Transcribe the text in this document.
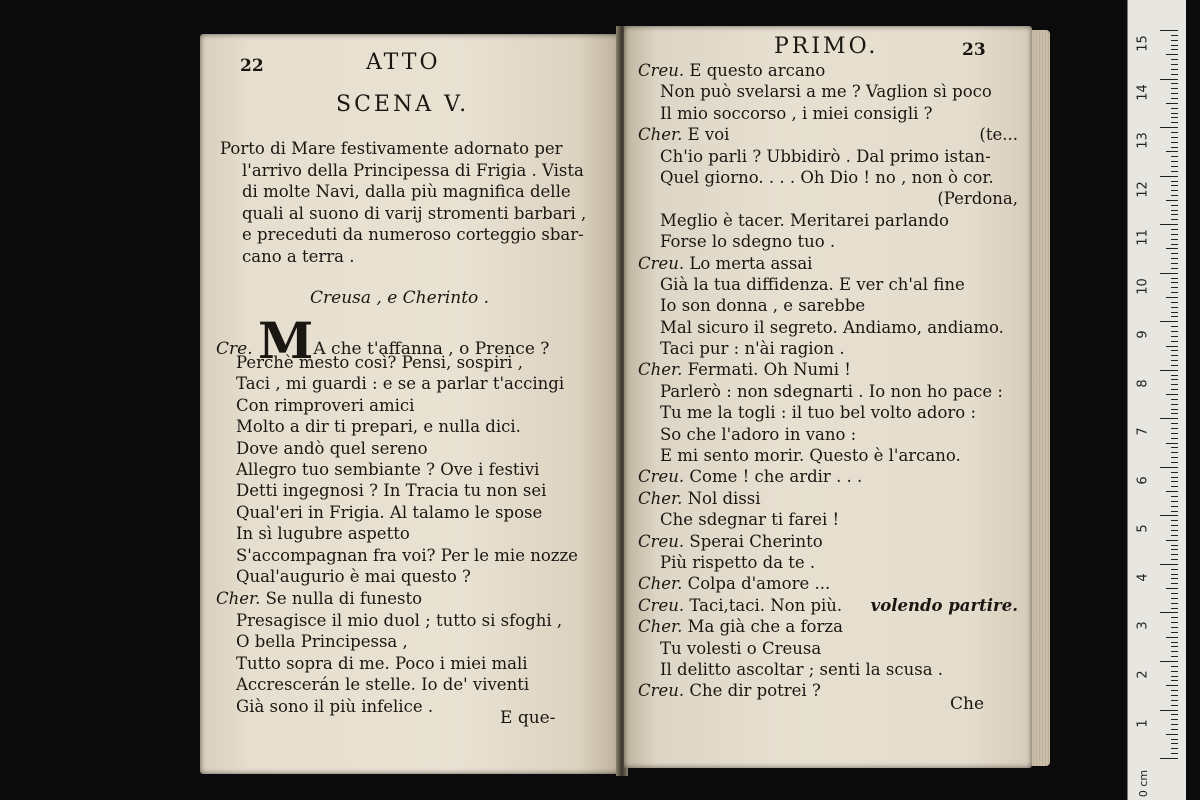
22	ATTO
SCENA V.
Porto di Mare festivamente adornato per
l'arrivo della Principessa di Frigia . Vista
di molte Navi, dalla più magnifica delle
quali al suono di varij stromenti barbari ,
e preceduti da numeroso corteggio sbar-
cano a terra .
Creusa , e Cherinto .
Cre. MA che t'affanna , o Prence ?
Perchè mesto così? Pensi, sospiri ,
Taci , mi guardi : e se a parlar t'accingi
Con rimproveri amici
Molto a dir ti prepari, e nulla dici.
Dove andò quel sereno
Allegro tuo sembiante ? Ove i festivi
Detti ingegnosi ? In Tracia tu non sei
Qual'eri in Frigia. Al talamo le spose
In sì lugubre aspetto
S'accompagnan fra voi? Per le mie nozze
Qual'augurio è mai questo ?
Cher. Se nulla di funesto
Presagisce il mio duol ; tutto si sfoghi ,
O bella Principessa ,
Tutto sopra di me. Poco i miei mali
Accrescerán le stelle. Io de' viventi
Già sono il più infelice .
E que-
PRIMO.	23
Creu. E questo arcano
Non può svelarsi a me ? Vaglion sì poco
Il mio soccorso , i miei consigli ?
Cher. E voi	(te...
Ch'io parli ? Ubbidirò . Dal primo istan-
Quel giorno. . . . Oh Dio ! no , non ò cor.
(Perdona,
Meglio è tacer. Meritarei parlando
Forse lo sdegno tuo .
Creu. Lo merta assai
Già la tua diffidenza. E ver ch'al fine
Io son donna , e sarebbe
Mal sicuro il segreto. Andiamo, andiamo.
Taci pur : n'ài ragion .
Cher. Fermati. Oh Numi !
Parlerò : non sdegnarti . Io non ho pace :
Tu me la togli : il tuo bel volto adoro :
So che l'adoro in vano :
E mi sento morir. Questo è l'arcano.
Creu. Come ! che ardir . . .
Cher. Nol dissi
Che sdegnar ti farei !
Creu. Sperai Cherinto
Più rispetto da te .
Cher. Colpa d'amore ...
Creu. Taci,taci. Non più. volendo partire.
Cher. Ma già che a forza
Tu volesti o Creusa
Il delitto ascoltar ; senti la scusa .
Creu. Che dir potrei ?
Che
0 cm
15
14
13
12
11
10
9
8
7
6
5
4
3
2
1
